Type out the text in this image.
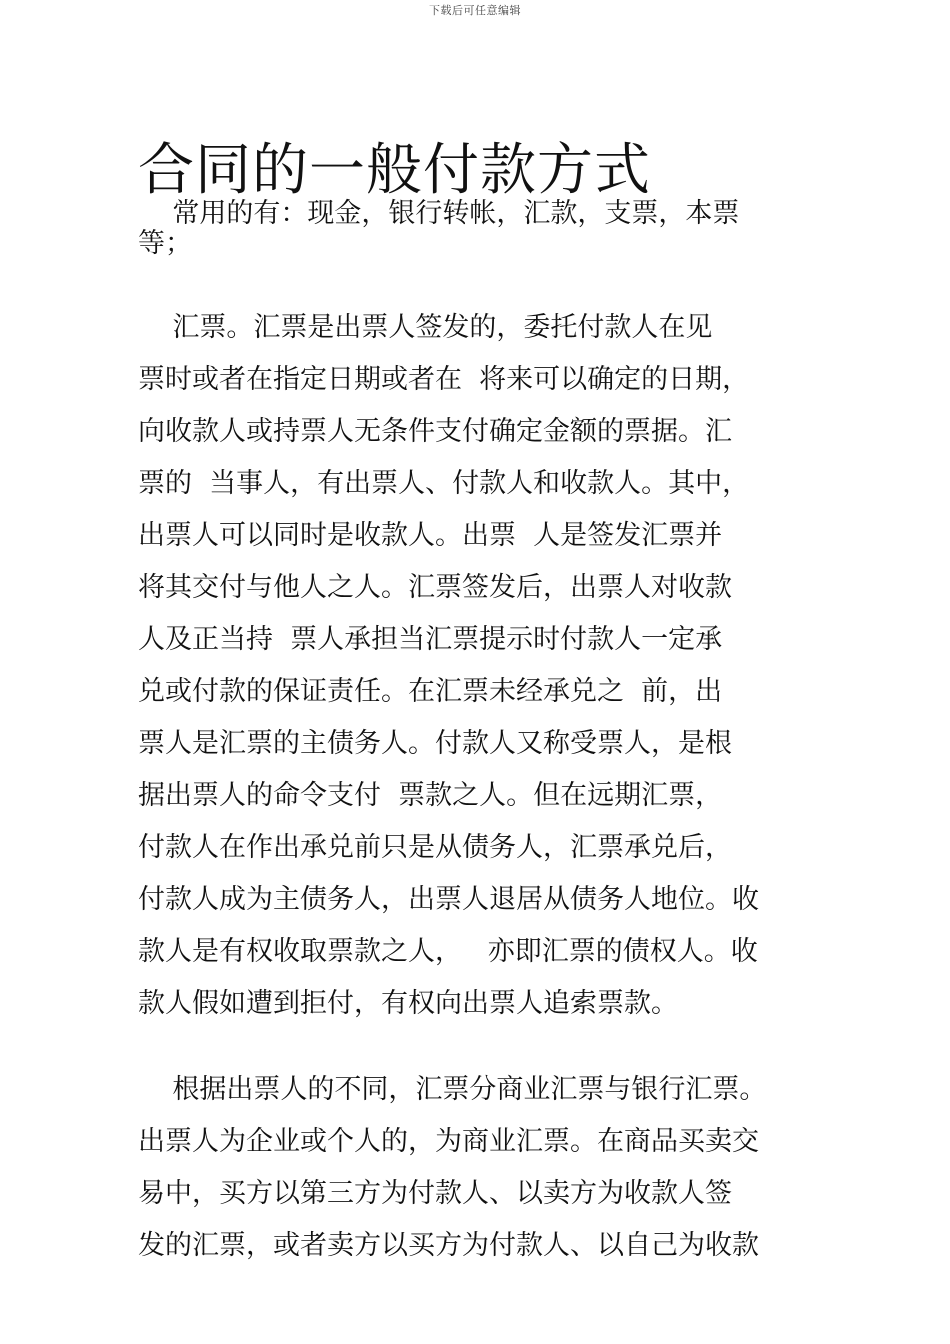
下载后可任意编辑
合同的一般付款方式

常用的有：现金，银行转帐，汇款，支票，本票

等；

汇票。汇票是出票人签发的，委托付款人在见

票时或者在指定日期或者在  将来可以确定的日期，

向收款人或持票人无条件支付确定金额的票据。汇

票的  当事人，有出票人、付款人和收款人。其中，

出票人可以同时是收款人。出票  人是签发汇票并

将其交付与他人之人。汇票签发后，出票人对收款

人及正当持  票人承担当汇票提示时付款人一定承

兑或付款的保证责任。在汇票未经承兑之  前，出

票人是汇票的主债务人。付款人又称受票人，是根

据出票人的命令支付  票款之人。但在远期汇票，

付款人在作出承兑前只是从债务人，汇票承兑后，

付款人成为主债务人，出票人退居从债务人地位。收

款人是有权收取票款之人，   亦即汇票的债权人。收

款人假如遭到拒付，有权向出票人追索票款。

根据出票人的不同，汇票分商业汇票与银行汇票。

出票人为企业或个人的，为商业汇票。在商品买卖交

易中，买方以第三方为付款人、以卖方为收款人签

发的汇票，或者卖方以买方为付款人、以自己为收款
